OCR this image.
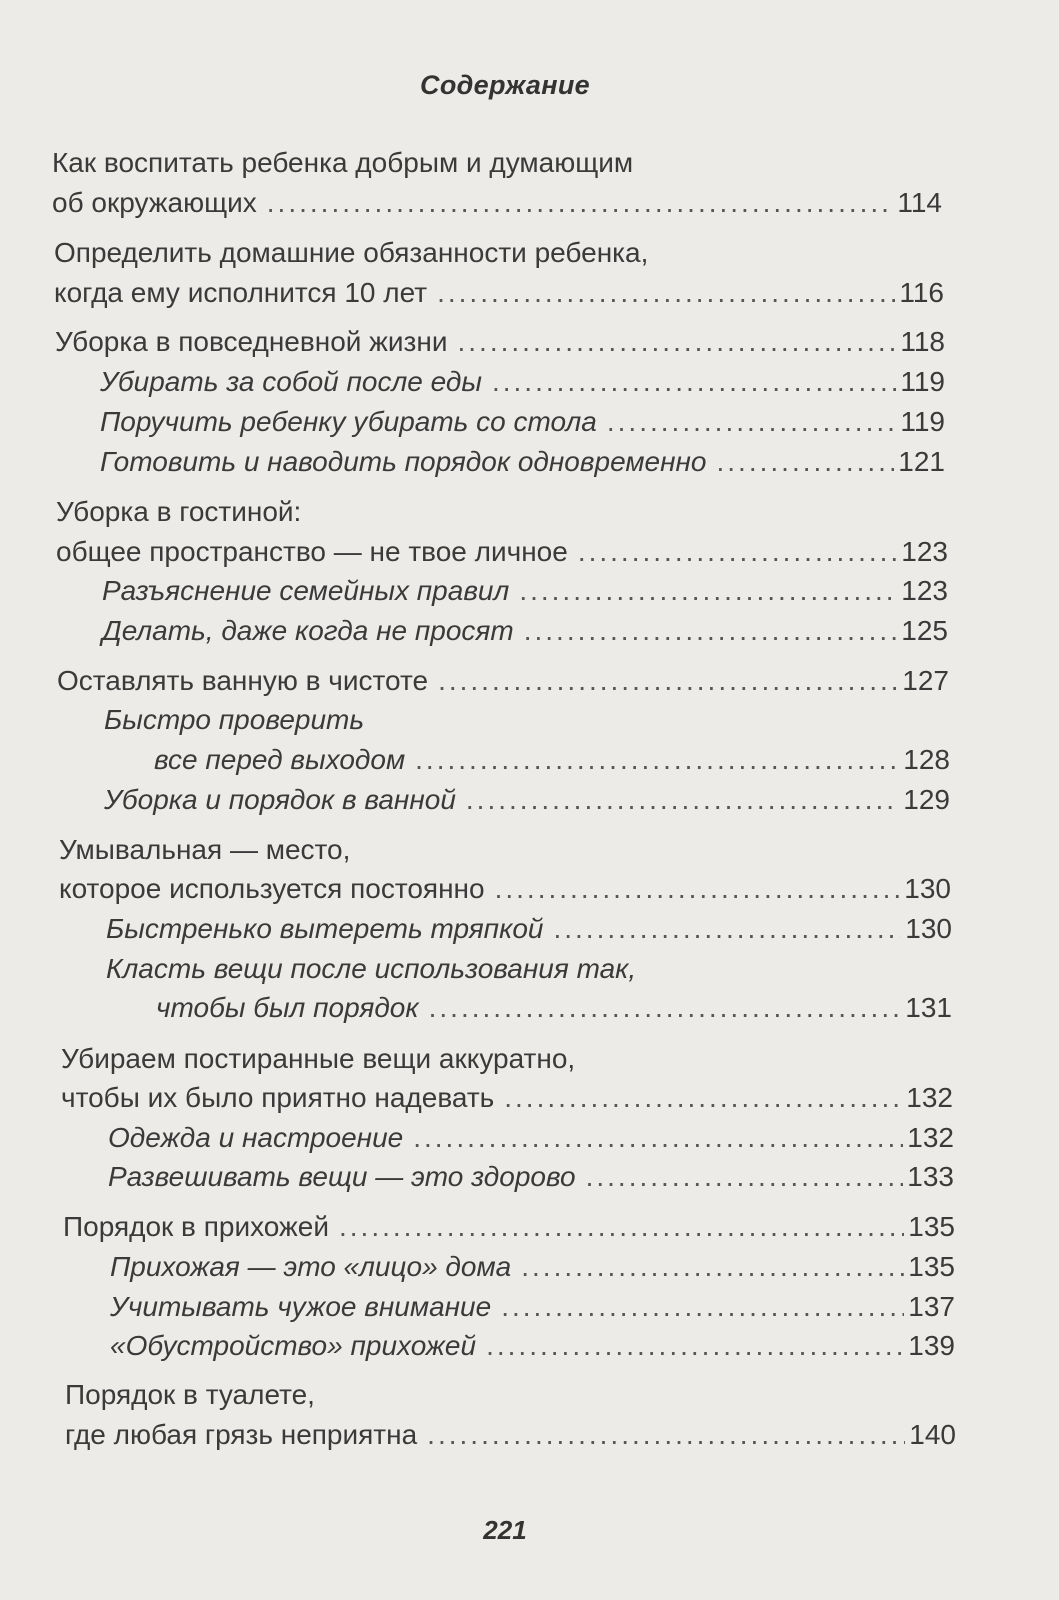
Содержание
Как воспитать ребенка добрым и думающим
об окружающих .....	114
Определить домашние обязанности ребенка,
когда ему исполнится 10 лет .....	116
Уборка в повседневной жизни .....	118
Убирать за собой после еды .....	119
Поручить ребенку убирать со стола .....	119
Готовить и наводить порядок одновременно .....	121
Уборка в гостиной:
общее пространство — не твое личное .....	123
Разъяснение семейных правил .....	123
Делать, даже когда не просят .....	125
Оставлять ванную в чистоте .....	127
Быстро проверить
все перед выходом .....	128
Уборка и порядок в ванной .....	129
Умывальная — место,
которое используется постоянно .....	130
Быстренько вытереть тряпкой .....	130
Класть вещи после использования так,
чтобы был порядок .....	131
Убираем постиранные вещи аккуратно,
чтобы их было приятно надевать .....	132
Одежда и настроение .....	132
Развешивать вещи — это здорово .....	133
Порядок в прихожей .....	135
Прихожая — это «лицо» дома .....	135
Учитывать чужое внимание .....	137
«Обустройство» прихожей .....	139
Порядок в туалете,
где любая грязь неприятна .....	140
221
